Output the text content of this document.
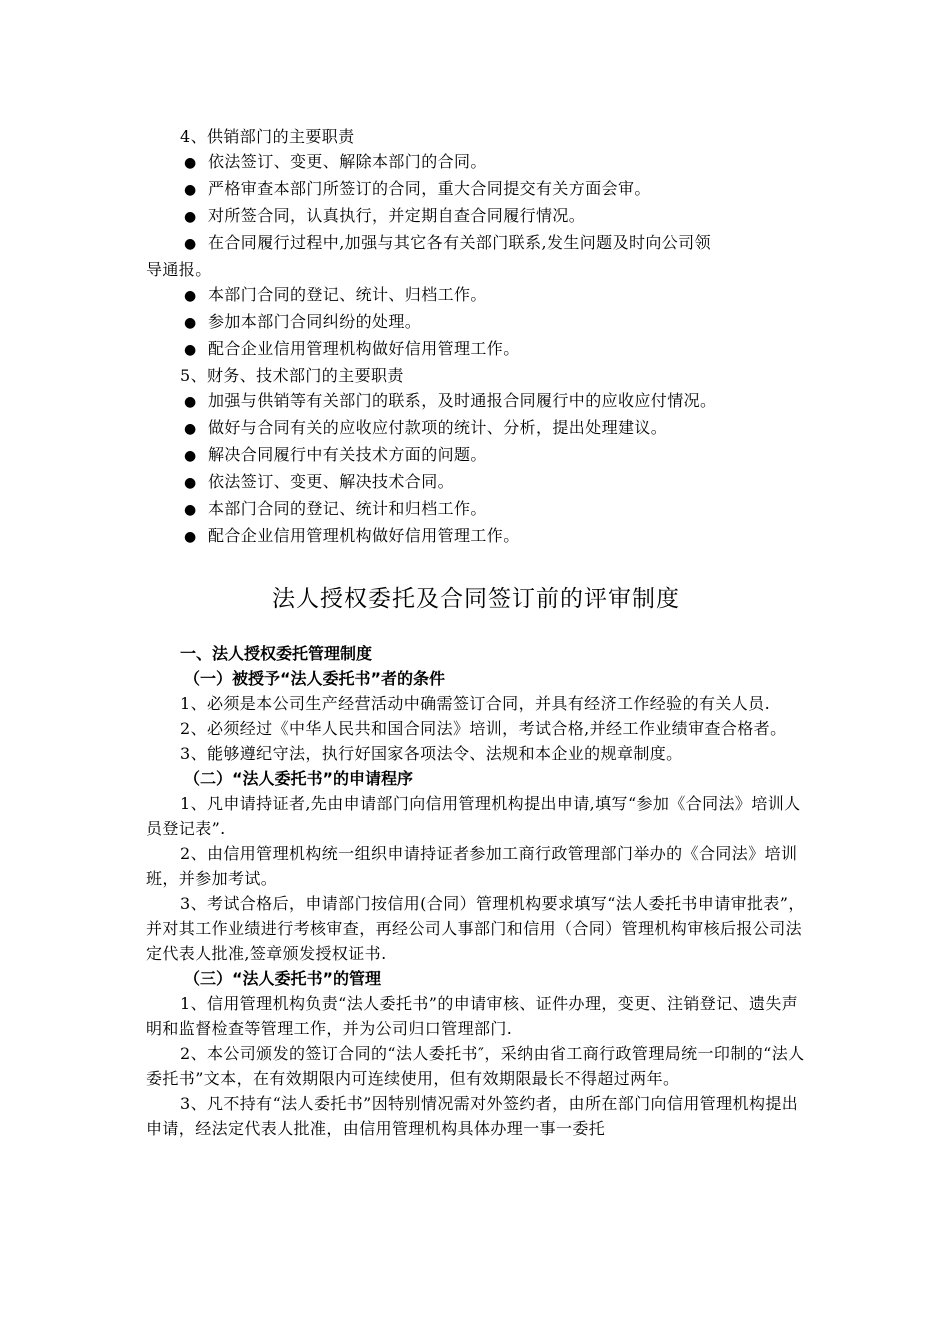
4、供销部门的主要职责
● 依法签订、变更、解除本部门的合同。
● 严格审查本部门所签订的合同，重大合同提交有关方面会审。
● 对所签合同，认真执行，并定期自查合同履行情况。
● 在合同履行过程中,加强与其它各有关部门联系,发生问题及时向公司领
导通报。
● 本部门合同的登记、统计、归档工作。
● 参加本部门合同纠纷的处理。
● 配合企业信用管理机构做好信用管理工作。
5、财务、技术部门的主要职责
● 加强与供销等有关部门的联系，及时通报合同履行中的应收应付情况。
● 做好与合同有关的应收应付款项的统计、分析，提出处理建议。
● 解决合同履行中有关技术方面的问题。
● 依法签订、变更、解决技术合同。
● 本部门合同的登记、统计和归档工作。
● 配合企业信用管理机构做好信用管理工作。
法人授权委托及合同签订前的评审制度
一、法人授权委托管理制度
（一）被授予“法人委托书”者的条件

1、必须是本公司生产经营活动中确需签订合同，并具有经济工作经验的有关人员.

2、必须经过《中华人民共和国合同法》培训，考试合格,并经工作业绩审查合格者。

3、能够遵纪守法，执行好国家各项法令、法规和本企业的规章制度。

（二）“法人委托书”的申请程序

1、凡申请持证者,先由申请部门向信用管理机构提出申请,填写“参加《合同法》培训人员登记表”.

2、由信用管理机构统一组织申请持证者参加工商行政管理部门举办的《合同法》培训班，并参加考试。

3、考试合格后，申请部门按信用(合同）管理机构要求填写“法人委托书申请审批表”，并对其工作业绩进行考核审查，再经公司人事部门和信用（合同）管理机构审核后报公司法定代表人批准,签章颁发授权证书.

（三）“法人委托书”的管理

1、信用管理机构负责“法人委托书”的申请审核、证件办理，变更、注销登记、遗失声明和监督检查等管理工作，并为公司归口管理部门.

2、本公司颁发的签订合同的“法人委托书″，采纳由省工商行政管理局统一印制的“法人委托书”文本，在有效期限内可连续使用，但有效期限最长不得超过两年。

3、凡不持有“法人委托书”因特别情况需对外签约者，由所在部门向信用管理机构提出申请，经法定代表人批准，由信用管理机构具体办理一事一委托
